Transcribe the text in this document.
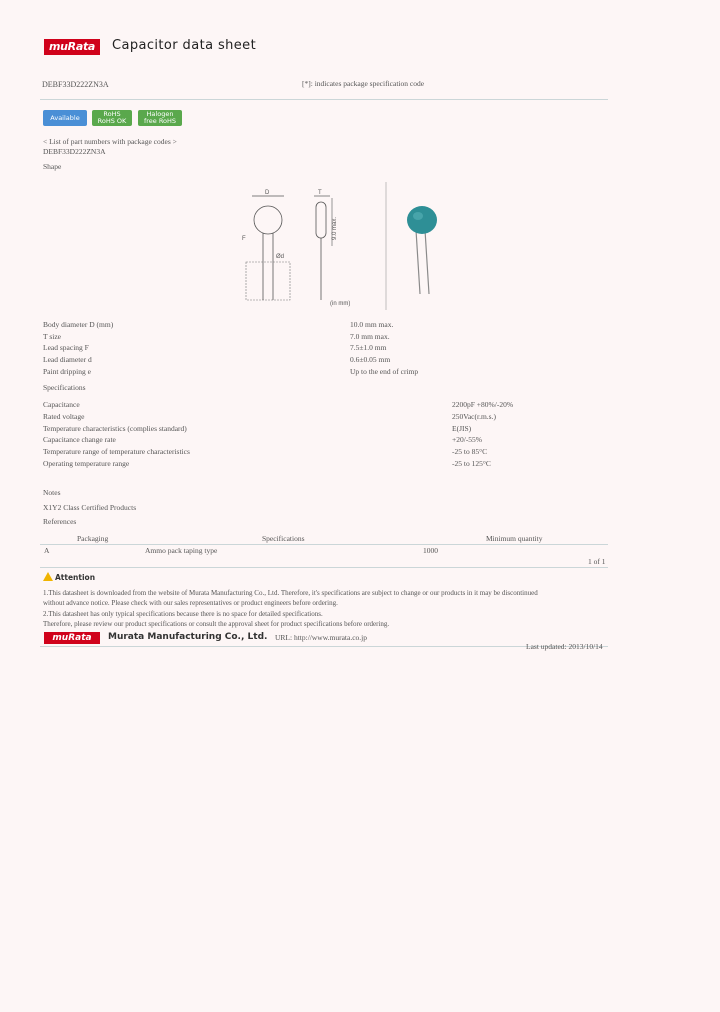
muRata	Capacitor data sheet
DEBF33D222ZN3A	[*]: indicates package specification code
Available	RoHS
RoHS OK
Halogen
free RoHS
< List of part numbers with package codes >
DEBF33D222ZN3A
Shape
D
F
Ød
T
9.0 max.
(in mm)
Body diameter D (mm)	10.0 mm max.
T size	7.0 mm max.
Lead spacing F	7.5±1.0 mm
Lead diameter d	0.6±0.05 mm
Paint dripping e	Up to the end of crimp
Specifications
Capacitance	2200pF +80%/-20%
Rated voltage	250Vac(r.m.s.)
Temperature characteristics (complies standard)	E(JIS)
Capacitance change rate	+20/-55%
Temperature range of temperature characteristics	-25 to 85°C
Operating temperature range	-25 to 125°C
Notes
X1Y2 Class Certified Products
References
Packaging	Specifications	Minimum quantity
A	Ammo pack taping type	1000
1 of 1
Attention
1.This datasheet is downloaded from the website of Murata Manufacturing Co., Ltd. Therefore, it's specifications are subject to change or our products in it may be discontinued
without advance notice. Please check with our sales representatives or product engineers before ordering.
2.This datasheet has only typical specifications because there is no space for detailed specifications.
Therefore, please review our product specifications or consult the approval sheet for product specifications before ordering.
muRata	Murata Manufacturing Co., Ltd. URL: http://www.murata.co.jp
Last updated: 2013/10/14
